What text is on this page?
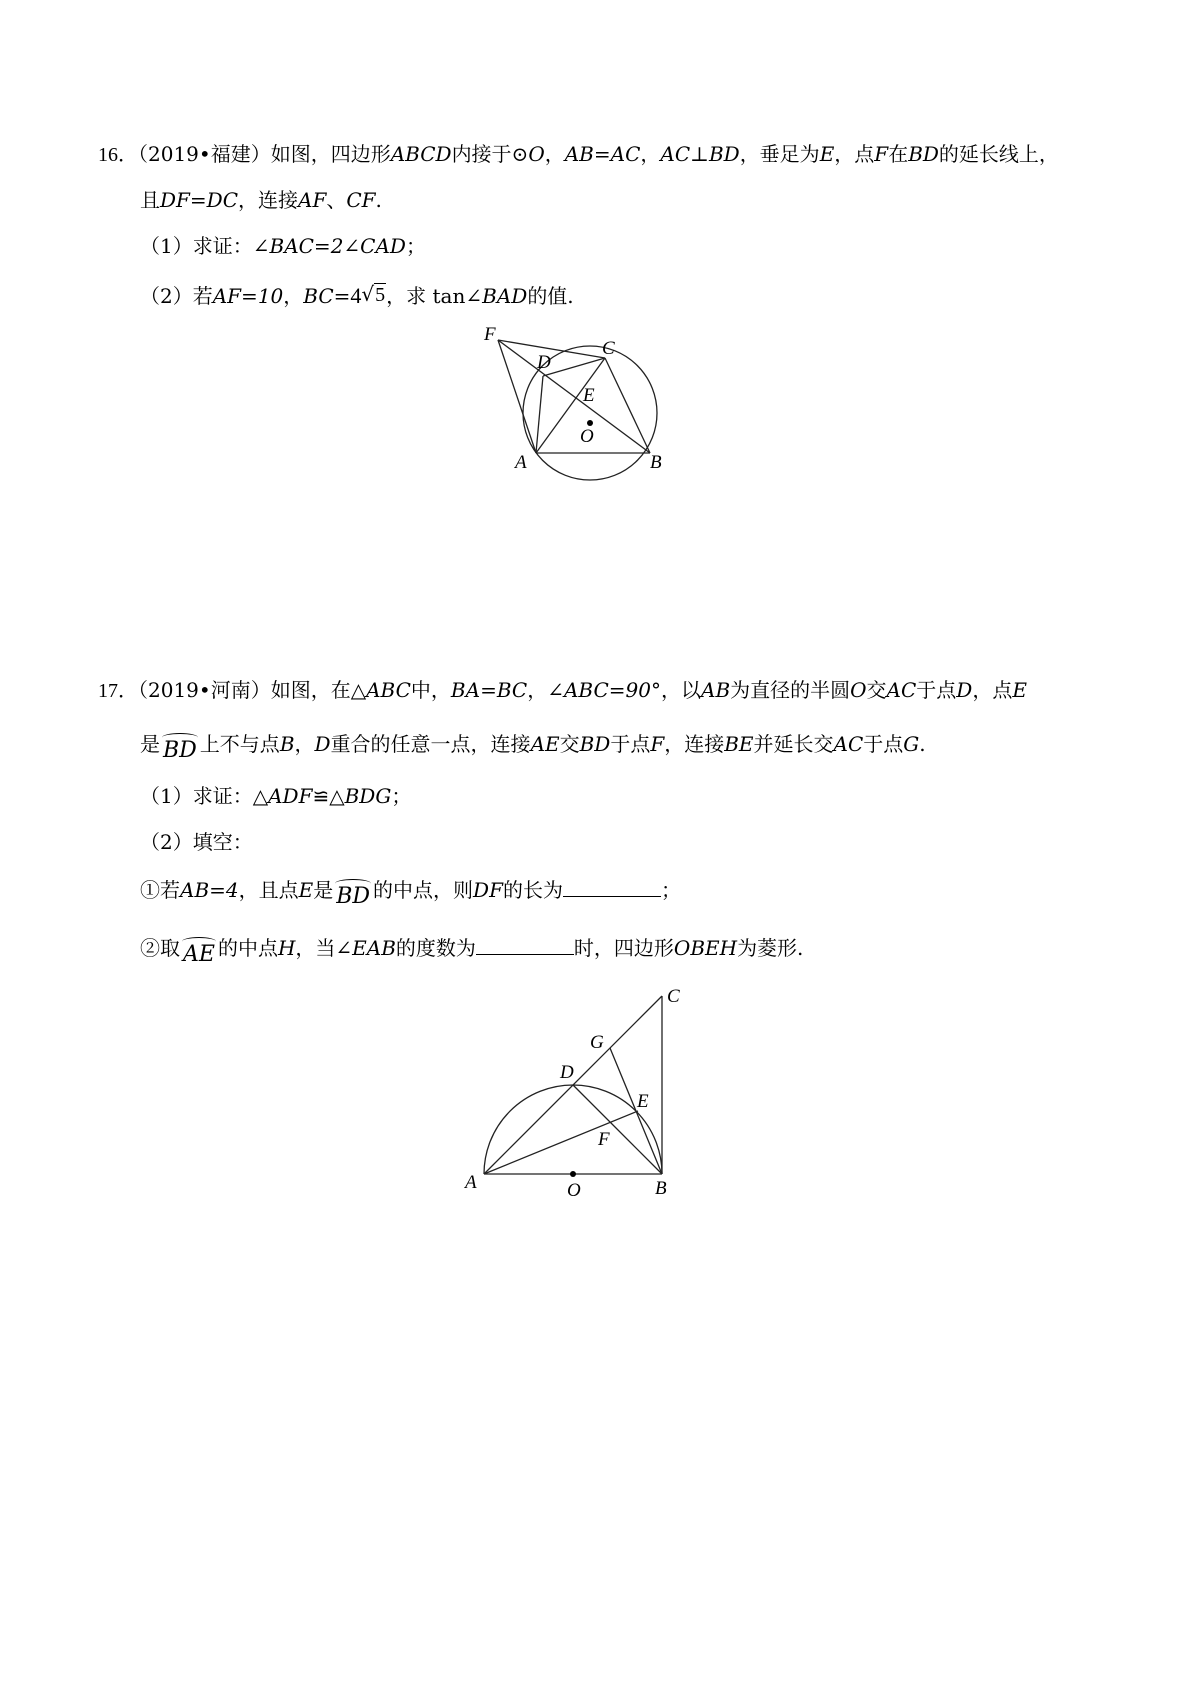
16．（2019•福建）如图，四边形ABCD内接于⊙O，AB=AC，AC⊥BD，垂足为E，点F在BD的延长线上，
且DF=DC，连接AF、CF.
（1）求证：∠BAC=2∠CAD；
（2）若AF=10，BC=4√5，求 tan∠BAD的值.
F
C
D
E
O
A	B
17．（2019•河南）如图，在△ABC中，BA=BC，∠ABC=90°，以AB为直径的半圆O交AC于点D，点E
是 BD 上不与点B，D重合的任意一点，连接AE交BD于点F，连接BE并延长交AC于点G.
（1）求证：△ADF≌△BDG；
（2）填空：
①若AB=4，且点E是 BD 的中点，则DF的长为	；
②取 AE 的中点H，当∠EAB的度数为	时，四边形OBEH为菱形.
C
G
D
E
F
A	O	B
